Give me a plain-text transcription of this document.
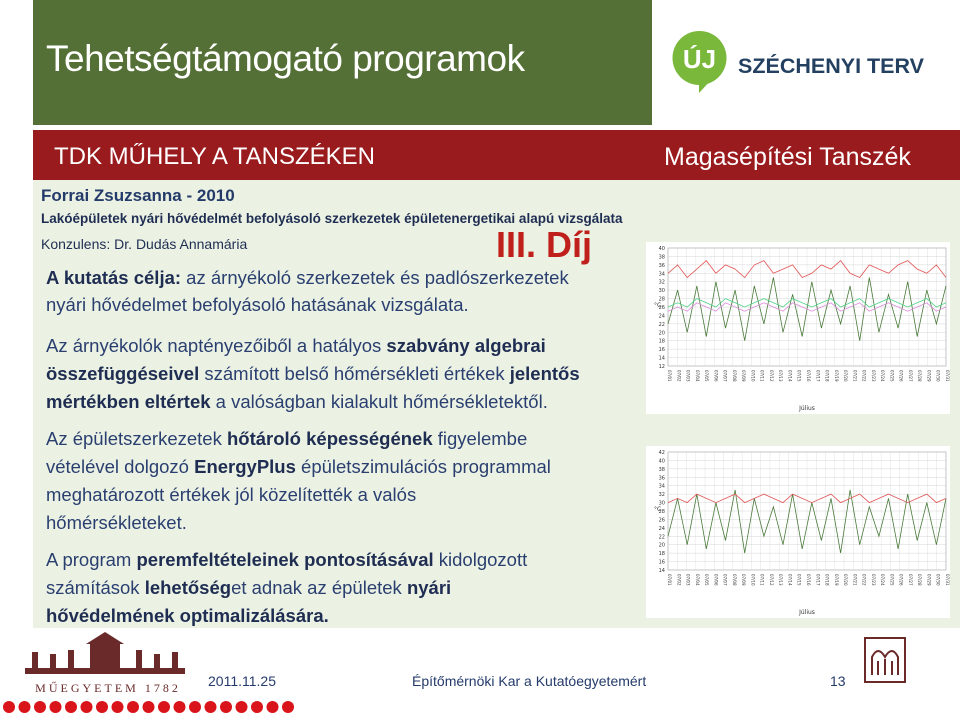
Tehetségtámogató programok	ÚJ SZÉCHENYI TERV
TDK MŰHELY A TANSZÉKEN	Magasépítési Tanszék
Forrai Zsuzsanna - 2010
Lakóépületek nyári hővédelmét befolyásoló szerkezetek épületenergetikai alapú vizsgálata
Konzulens: Dr. Dudás Annamária	III. Díj
A kutatás célja: az árnyékoló szerkezetek és padlószerkezetek
nyári hővédelmet befolyásoló hatásának vizsgálata.
Az árnyékolók naptényezőiből a hatályos szabvány algebrai
összefüggéseivel számított belső hőmérsékleti értékek jelentős
mértékben eltértek a valóságban kialakult hőmérsékletektől.
Az épületszerkezetek hőtároló képességének figyelembe
vételével dolgozó EnergyPlus épületszimulációs programmal
meghatározott értékek jól közelítették a valós
hőmérsékleteket.
A program peremfeltételeinek pontosításával kidolgozott
számítások lehetőséget adnak az épületek nyári
hővédelmének optimalizálására.
40
38
36
34
32
30
28
26
24
22
20
18
16
14
12
07/01 07/02 07/03 07/04 07/05 07/06 07/07 07/08 07/09 07/10 07/11 07/12 07/13 07/14 07/15 07/16 07/17 07/18 07/19 07/20 07/21 07/22 07/23 07/24 07/25 07/26 07/27 07/28 07/29 07/30 07/31
°C
Július
42
40
38
36
34
32
30
28
26
24
22
20
18
16
14
07/01 07/02 07/03 07/04 07/05 07/06 07/07 07/08 07/09 07/10 07/11 07/12 07/13 07/14 07/15 07/16 07/17 07/18 07/19 07/20 07/21 07/22 07/23 07/24 07/25 07/26 07/27 07/28 07/29 07/30 07/31
°C
Július
MŰEGYETEM 1782 2011.11.25	Építőmérnöki Kar a Kutatóegyetemért	13
